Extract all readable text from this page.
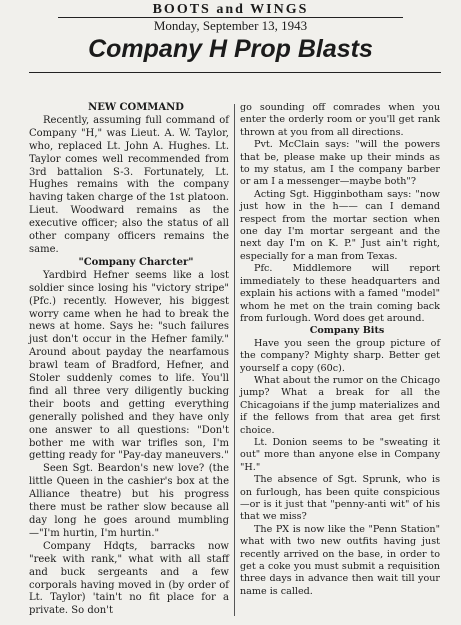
BOOTS and WINGS
Monday, September 13, 1943
Company H Prop Blasts

NEW COMMAND

Recently, assuming full command of Company "H," was Lieut. A. W. Taylor, who, replaced Lt. John A. Hughes. Lt. Taylor comes well recommended from 3rd battalion S-3. Fortunately, Lt. Hughes remains with the company having taken charge of the 1st platoon. Lieut. Woodward remains as the executive officer; also the status of all other company officers remains the same.

"Company Charcter"

Yardbird Hefner seems like a lost soldier since losing his "victory stripe" (Pfc.) recently. However, his biggest worry came when he had to break the news at home. Says he: "such failures just don't occur in the Hefner family." Around about payday the nearfamous brawl team of Bradford, Hefner, and Stoler suddenly comes to life. You'll find all three very diligently bucking their boots and getting everything generally polished and they have only one answer to all questions: "Don't bother me with war trifles son, I'm getting ready for "Pay-day maneuvers."

Seen Sgt. Beardon's new love? (the little Queen in the cashier's box at the Alliance theatre) but his progress there must be rather slow because all day long he goes around mumbling—"I'm hurtin, I'm hurtin."

Company Hdqts, barracks now "reek with rank," what with all staff and buck sergeants and a few corporals having moved in (by order of Lt. Taylor) 'tain't no fit place for a private. So don't

go sounding off comrades when you enter the orderly room or you'll get rank thrown at you from all directions.

Pvt. McClain says: "will the powers that be, please make up their minds as to my status, am I the company barber or am I a messenger—maybe both"?

Acting Sgt. Higginbotham says: "now just how in the h—— can I demand respect from the mortar section when one day I'm mortar sergeant and the next day I'm on K. P." Just ain't right, especially for a man from Texas.

Pfc. Middlemore will report immediately to these headquarters and explain his actions with a famed "model" whom he met on the train coming back from furlough. Word does get around.

Company Bits

Have you seen the group picture of the company? Mighty sharp. Better get yourself a copy (60c).

What about the rumor on the Chicago jump? What a break for all the Chicagoians if the jump materializes and if the fellows from that area get first choice.

Lt. Donion seems to be "sweating it out" more than anyone else in Company "H."

The absence of Sgt. Sprunk, who is on furlough, has been quite conspicious—or is it just that "penny-anti wit" of his that we miss?

The PX is now like the "Penn Station" what with two new outfits having just recently arrived on the base, in order to get a coke you must submit a requisition three days in advance then wait till your name is called.
